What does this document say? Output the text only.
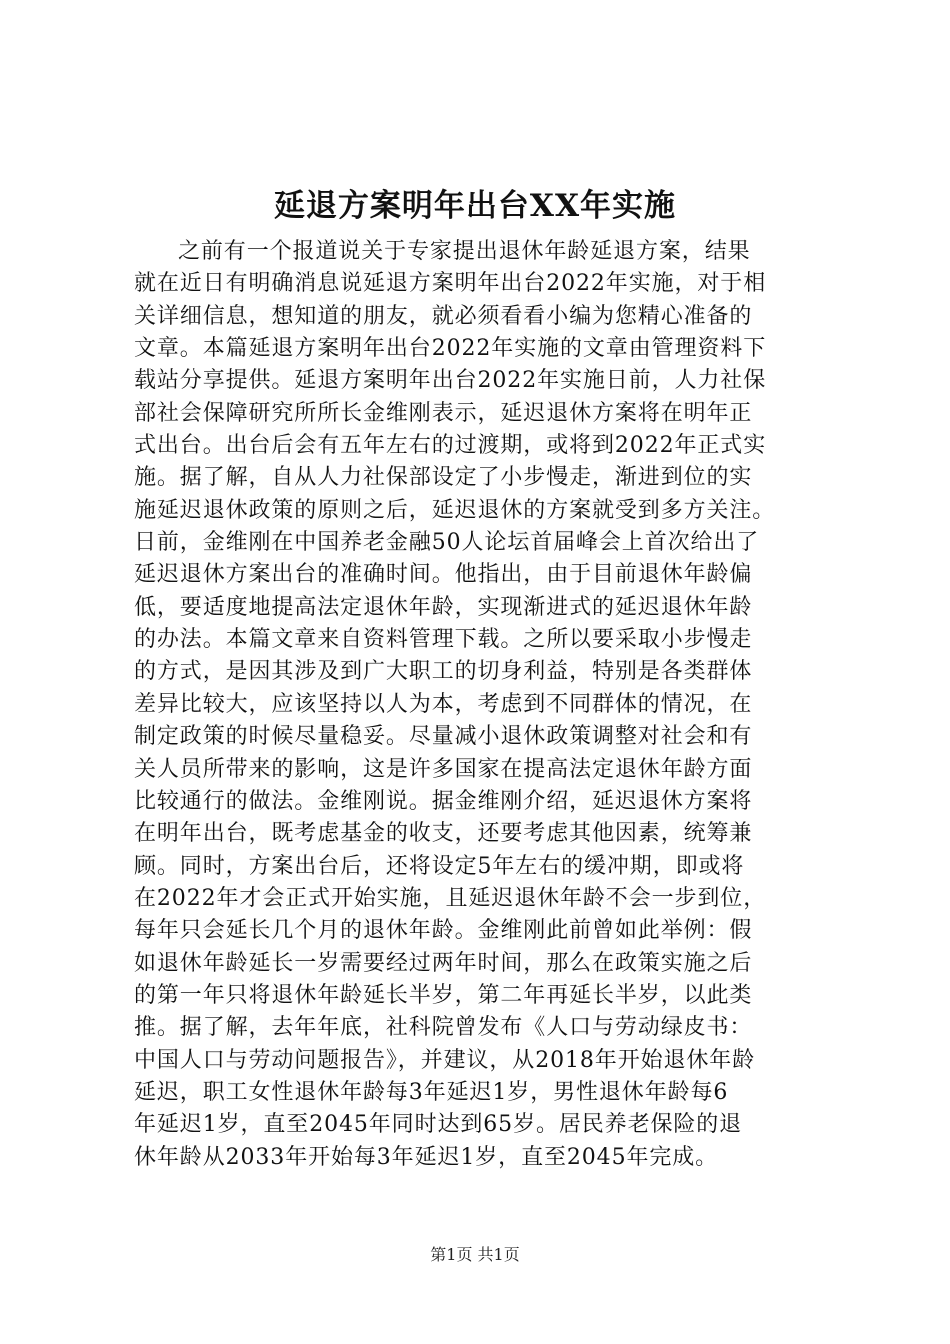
延退方案明年出台XX年实施
之前有一个报道说关于专家提出退休年龄延退方案，结果
就在近日有明确消息说延退方案明年出台2022年实施，对于相
关详细信息，想知道的朋友，就必须看看小编为您精心准备的
文章。本篇延退方案明年出台2022年实施的文章由管理资料下
载站分享提供。延退方案明年出台2022年实施日前，人力社保
部社会保障研究所所长金维刚表示，延迟退休方案将在明年正
式出台。出台后会有五年左右的过渡期，或将到2022年正式实
施。据了解，自从人力社保部设定了小步慢走，渐进到位的实
施延迟退休政策的原则之后，延迟退休的方案就受到多方关注。
日前，金维刚在中国养老金融50人论坛首届峰会上首次给出了
延迟退休方案出台的准确时间。他指出，由于目前退休年龄偏
低，要适度地提高法定退休年龄，实现渐进式的延迟退休年龄
的办法。本篇文章来自资料管理下载。之所以要采取小步慢走
的方式，是因其涉及到广大职工的切身利益，特别是各类群体
差异比较大，应该坚持以人为本，考虑到不同群体的情况，在
制定政策的时候尽量稳妥。尽量减小退休政策调整对社会和有
关人员所带来的影响，这是许多国家在提高法定退休年龄方面
比较通行的做法。金维刚说。据金维刚介绍，延迟退休方案将
在明年出台，既考虑基金的收支，还要考虑其他因素，统筹兼
顾。同时，方案出台后，还将设定5年左右的缓冲期，即或将
在2022年才会正式开始实施，且延迟退休年龄不会一步到位，
每年只会延长几个月的退休年龄。金维刚此前曾如此举例：假
如退休年龄延长一岁需要经过两年时间，那么在政策实施之后
的第一年只将退休年龄延长半岁，第二年再延长半岁，以此类
推。据了解，去年年底，社科院曾发布《人口与劳动绿皮书：
中国人口与劳动问题报告》，并建议，从2018年开始退休年龄
延迟，职工女性退休年龄每3年延迟1岁，男性退休年龄每6
年延迟1岁，直至2045年同时达到65岁。居民养老保险的退
休年龄从2033年开始每3年延迟1岁，直至2045年完成。
第1页 共1页
